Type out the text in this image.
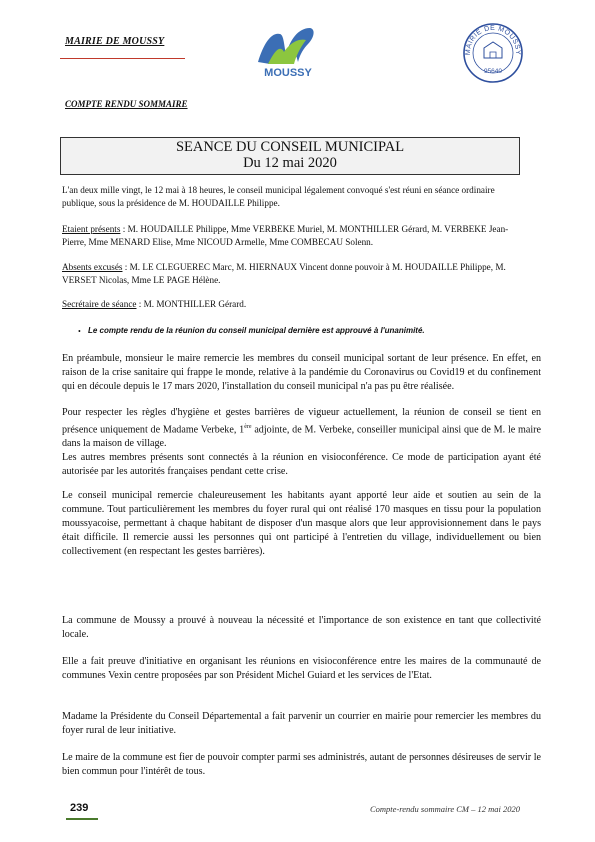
MAIRIE DE MOUSSY
MOUSSY
MAIRIE DE MOUSSY
95640
COMPTE RENDU SOMMAIRE
SEANCE DU CONSEIL MUNICIPAL
Du 12 mai 2020
L'an deux mille vingt, le 12 mai à 18 heures, le conseil municipal légalement convoqué s'est réuni en séance ordinaire publique, sous la présidence de M. HOUDAILLE Philippe.
Etaient présents : M. HOUDAILLE Philippe, Mme VERBEKE Muriel, M. MONTHILLER Gérard, M. VERBEKE Jean-Pierre, Mme MENARD Elise, Mme NICOUD Armelle, Mme COMBECAU Solenn.
Absents excusés : M. LE CLEGUEREC Marc, M. HIERNAUX Vincent donne pouvoir à M. HOUDAILLE Philippe, M. VERSET Nicolas, Mme LE PAGE Hélène.
Secrétaire de séance : M. MONTHILLER Gérard.
• Le compte rendu de la réunion du conseil municipal dernière est approuvé à l'unanimité.
En préambule, monsieur le maire remercie les membres du conseil municipal sortant de leur présence. En effet, en raison de la crise sanitaire qui frappe le monde, relative à la pandémie du Coronavirus ou Covid19 et du confinement qui en découle depuis le 17 mars 2020, l'installation du conseil municipal n'a pas pu être réalisée.
Pour respecter les règles d'hygiène et gestes barrières de vigueur actuellement, la réunion de conseil se tient en présence uniquement de Madame Verbeke, 1ère adjointe, de M. Verbeke, conseiller municipal ainsi que de M. le maire dans la maison de village.
Les autres membres présents sont connectés à la réunion en visioconférence. Ce mode de participation ayant été autorisée par les autorités françaises pendant cette crise.
Le conseil municipal remercie chaleureusement les habitants ayant apporté leur aide et soutien au sein de la commune. Tout particulièrement les membres du foyer rural qui ont réalisé 170 masques en tissu pour la population moussyacoise, permettant à chaque habitant de disposer d'un masque alors que leur approvisionnement dans le pays était difficile. Il remercie aussi les personnes qui ont participé à l'entretien du village, individuellement ou bien collectivement (en respectant les gestes barrières).
La commune de Moussy a prouvé à nouveau la nécessité et l'importance de son existence en tant que collectivité locale.
Elle a fait preuve d'initiative en organisant les réunions en visioconférence entre les maires de la communauté de communes Vexin centre proposées par son Président Michel Guiard et les services de l'Etat.
Madame la Présidente du Conseil Départemental a fait parvenir un courrier en mairie pour remercier les membres du foyer rural de leur initiative.
Le maire de la commune est fier de pouvoir compter parmi ses administrés, autant de personnes désireuses de servir le bien commun pour l'intérêt de tous.
239	Compte-rendu sommaire CM – 12 mai 2020
